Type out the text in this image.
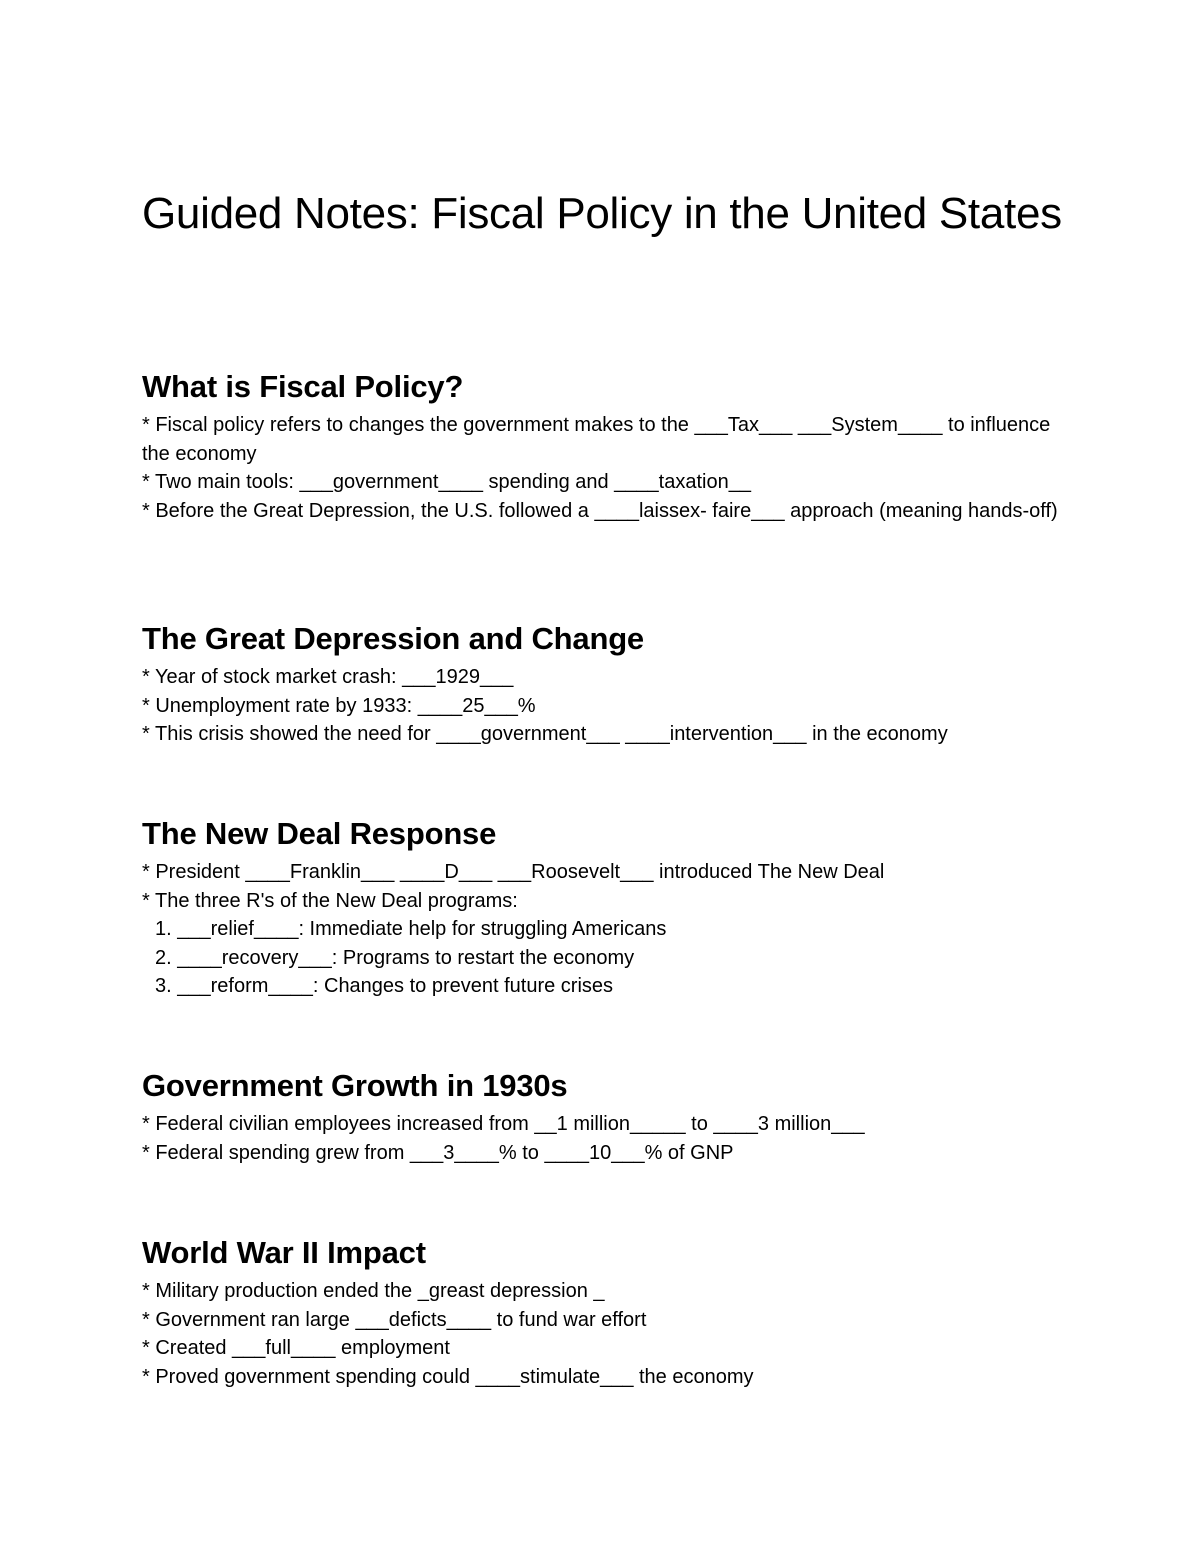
Guided Notes: Fiscal Policy in the United States
What is Fiscal Policy?

* Fiscal policy refers to changes the government makes to the ___Tax___ ___System____ to influence the economy

* Two main tools: ___government____ spending and ____taxation__

* Before the Great Depression, the U.S. followed a ____laissex- faire___ approach (meaning hands-off)

The Great Depression and Change

* Year of stock market crash: ___1929___

* Unemployment rate by 1933: ____25___%

* This crisis showed the need for ____government___ ____intervention___ in the economy

The New Deal Response

* President ____Franklin___ ____D___ ___Roosevelt___ introduced The New Deal

* The three R's of the New Deal programs:

1. ___relief____: Immediate help for struggling Americans

2. ____recovery___: Programs to restart the economy

3. ___reform____: Changes to prevent future crises

Government Growth in 1930s

* Federal civilian employees increased from __1 million_____ to ____3 million___

* Federal spending grew from ___3____% to ____10___% of GNP

World War II Impact

* Military production ended the _greast depression _

* Government ran large ___deficts____ to fund war effort

* Created ___full____ employment

* Proved government spending could ____stimulate___ the economy
